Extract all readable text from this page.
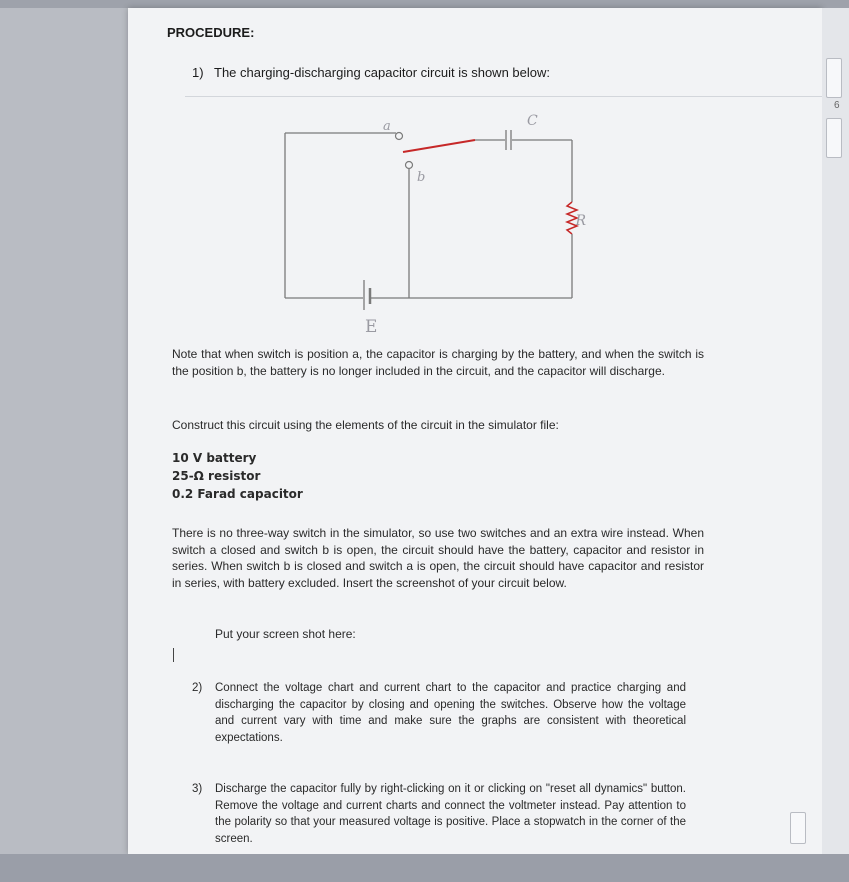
6
PROCEDURE:
1) The charging-discharging capacitor circuit is shown below:
a
b
C
R
E
Note that when switch is position a, the capacitor is charging by the battery, and when the switch is the position b, the battery is no longer included in the circuit, and the capacitor will discharge.
Construct this circuit using the elements of the circuit in the simulator file:
10 V battery
25-Ω resistor
0.2 Farad capacitor
There is no three-way switch in the simulator, so use two switches and an extra wire instead. When switch a closed and switch b is open, the circuit should have the battery, capacitor and resistor in series. When switch b is closed and switch a is open, the circuit should have capacitor and resistor in series, with battery excluded. Insert the screenshot of your circuit below.
Put your screen shot here:
2) Connect the voltage chart and current chart to the capacitor and practice charging and discharging the capacitor by closing and opening the switches. Observe how the voltage and current vary with time and make sure the graphs are consistent with theoretical expectations.
3) Discharge the capacitor fully by right-clicking on it or clicking on "reset all dynamics" button. Remove the voltage and current charts and connect the voltmeter instead. Pay attention to the polarity so that your measured voltage is positive. Place a stopwatch in the corner of the screen.
